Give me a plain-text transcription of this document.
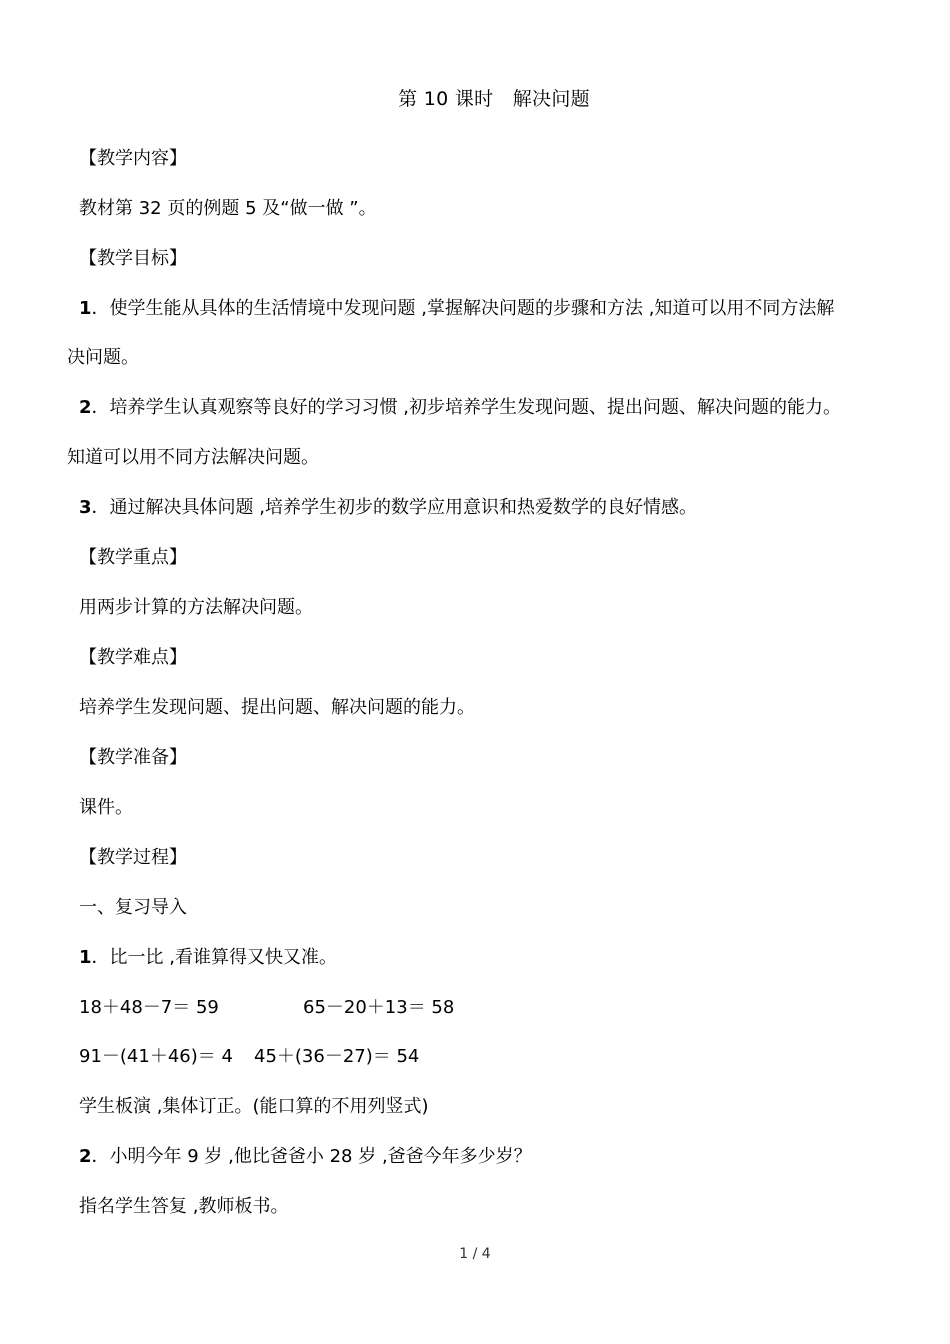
第 10 课时　解决问题
【教学内容】
教材第 32 页的例题 5 及“做一做 ”。
【教学目标】
1．使学生能从具体的生活情境中发现问题 ,掌握解决问题的步骤和方法 ,知道可以用不同方法解
决问题。
2．培养学生认真观察等良好的学习习惯 ,初步培养学生发现问题、提出问题、解决问题的能力。
知道可以用不同方法解决问题。
3．通过解决具体问题 ,培养学生初步的数学应用意识和热爱数学的良好情感。
【教学重点】
用两步计算的方法解决问题。
【教学难点】
培养学生发现问题、提出问题、解决问题的能力。
【教学准备】
课件。
【教学过程】
一、复习导入
1．比一比 ,看谁算得又快又准。
18＋48－7＝ 59	65－20＋13＝ 58
91－(41＋46)＝ 4 45＋(36－27)＝ 54
学生板演 ,集体订正。(能口算的不用列竖式)
2．小明今年 9 岁 ,他比爸爸小 28 岁 ,爸爸今年多少岁？
指名学生答复 ,教师板书。
1 / 4
